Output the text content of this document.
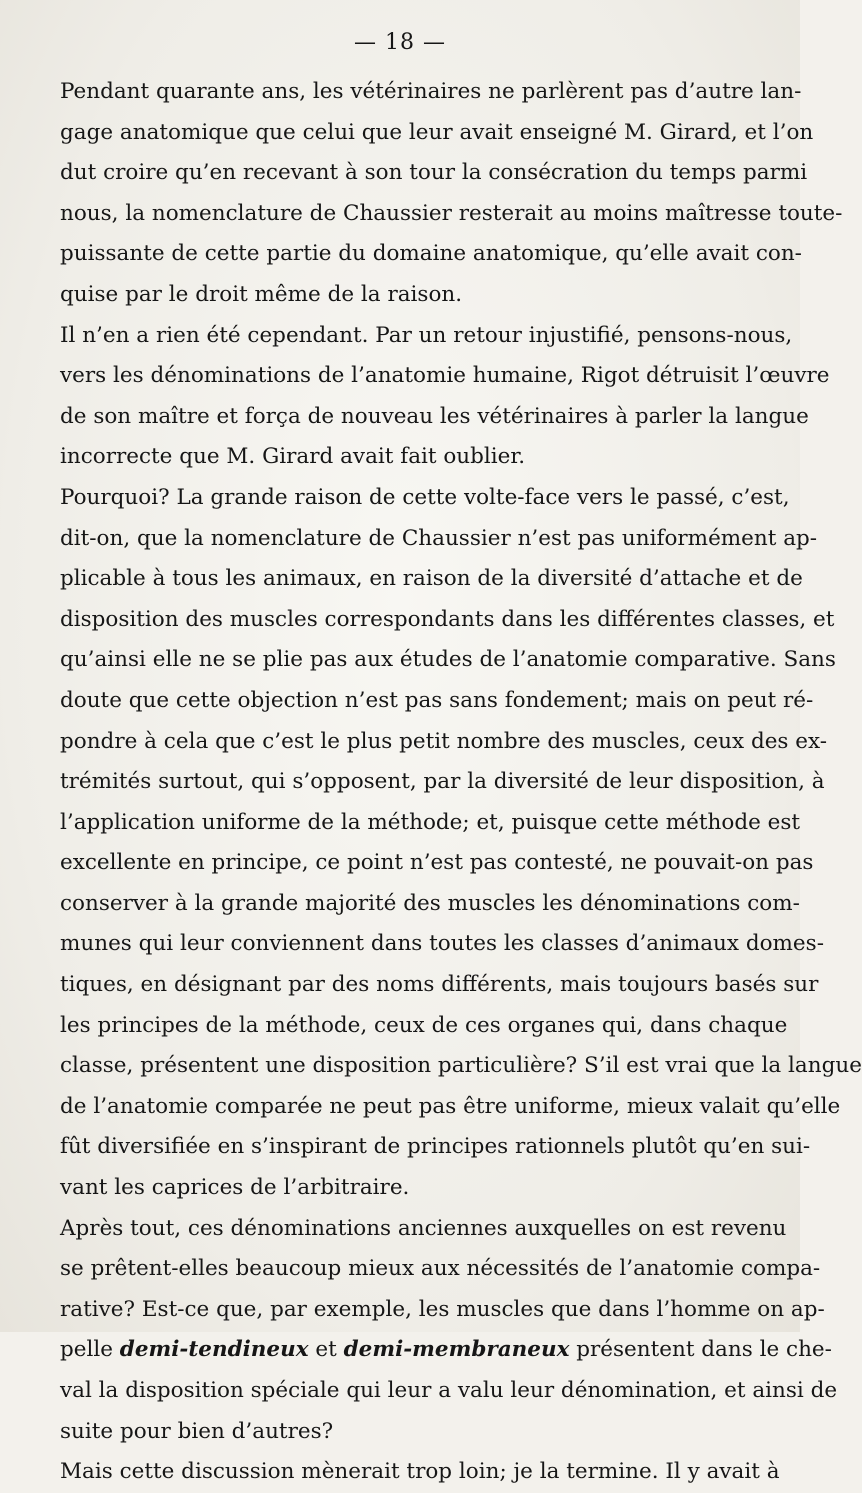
— 18 —
Pendant quarante ans, les vétérinaires ne parlèrent pas d’autre lan-
gage anatomique que celui que leur avait enseigné M. Girard, et l’on
dut croire qu’en recevant à son tour la consécration du temps parmi
nous, la nomenclature de Chaussier resterait au moins maîtresse toute-
puissante de cette partie du domaine anatomique, qu’elle avait con-
quise par le droit même de la raison.
Il n’en a rien été cependant. Par un retour injustifié, pensons-nous,
vers les dénominations de l’anatomie humaine, Rigot détruisit l’œuvre
de son maître et força de nouveau les vétérinaires à parler la langue
incorrecte que M. Girard avait fait oublier.
Pourquoi? La grande raison de cette volte-face vers le passé, c’est,
dit-on, que la nomenclature de Chaussier n’est pas uniformément ap-
plicable à tous les animaux, en raison de la diversité d’attache et de
disposition des muscles correspondants dans les différentes classes, et
qu’ainsi elle ne se plie pas aux études de l’anatomie comparative. Sans
doute que cette objection n’est pas sans fondement; mais on peut ré-
pondre à cela que c’est le plus petit nombre des muscles, ceux des ex-
trémités surtout, qui s’opposent, par la diversité de leur disposition, à
l’application uniforme de la méthode; et, puisque cette méthode est
excellente en principe, ce point n’est pas contesté, ne pouvait-on pas
conserver à la grande majorité des muscles les dénominations com-
munes qui leur conviennent dans toutes les classes d’animaux domes-
tiques, en désignant par des noms différents, mais toujours basés sur
les principes de la méthode, ceux de ces organes qui, dans chaque
classe, présentent une disposition particulière? S’il est vrai que la langue
de l’anatomie comparée ne peut pas être uniforme, mieux valait qu’elle
fût diversifiée en s’inspirant de principes rationnels plutôt qu’en sui-
vant les caprices de l’arbitraire.
Après tout, ces dénominations anciennes auxquelles on est revenu
se prêtent-elles beaucoup mieux aux nécessités de l’anatomie compa-
rative? Est-ce que, par exemple, les muscles que dans l’homme on ap-
pelle demi-tendineux et demi-membraneux présentent dans le che-
val la disposition spéciale qui leur a valu leur dénomination, et ainsi de
suite pour bien d’autres?
Mais cette discussion mènerait trop loin; je la termine. Il y avait à
